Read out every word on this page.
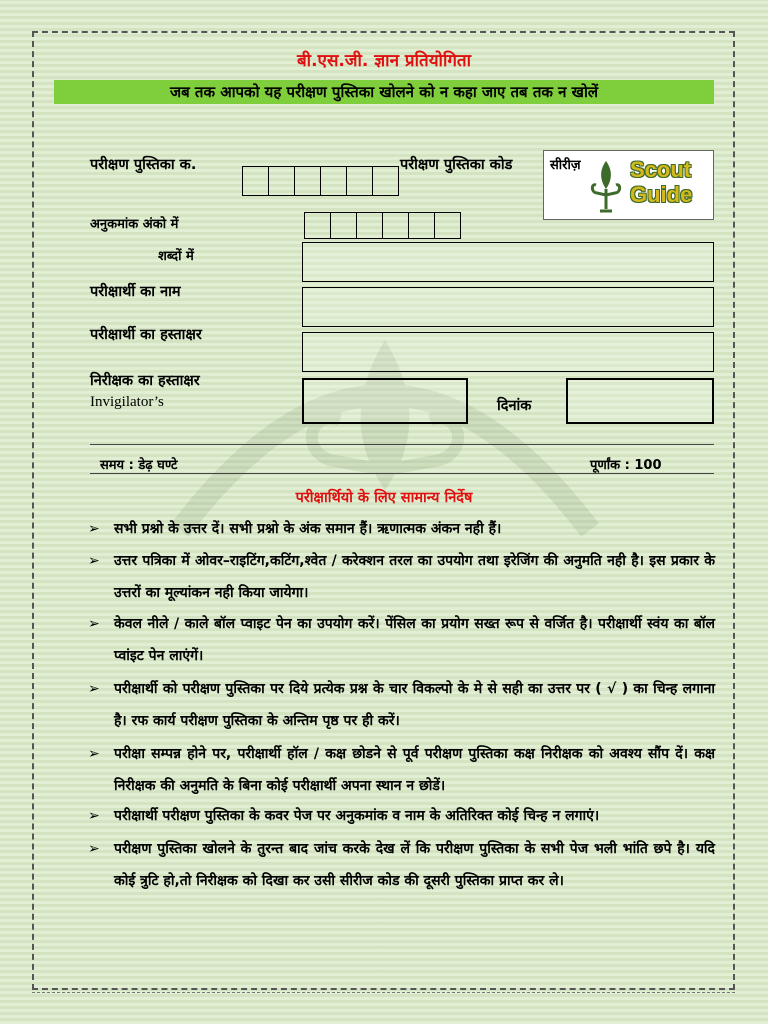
बी.एस.जी. ज्ञान प्रतियोगिता
जब तक आपको यह परीक्षण पुस्तिका खोलने को न कहा जाए तब तक न खोलें
परीक्षण पुस्तिका क.	परीक्षण पुस्तिका कोड	सीरीज़ Scout
Guide
अनुकमांक अंको में
शब्दों में
परीक्षार्थी का नाम
परीक्षार्थी का हस्ताक्षर
निरीक्षक का हस्ताक्षर
Invigilator’s	दिनांक
समय : डेढ़ घण्टे	पूर्णांक : 100
परीक्षार्थियो के लिए सामान्य निर्देष
➢	सभी प्रश्नो के उत्तर दें। सभी प्रश्नो के अंक समान हैं। ऋणात्मक अंकन नही हैं।
➢	उत्तर पत्रिका में ओवर–राइटिंग,कटिंग,श्वेत / करेक्शन तरल का उपयोग तथा इरेजिंग की अनुमति नही है। इस प्रकार के उत्तरों का मूल्यांकन नही किया जायेगा।
➢	केवल नीले / काले बॉल प्वाइट पेन का उपयोग करें। पेंसिल का प्रयोग सख्त रूप से वर्जित है। परीक्षार्थी स्वंय का बॉल प्वांइट पेन लाएंगें।
➢	परीक्षार्थी को परीक्षण पुस्तिका पर दिये प्रत्येक प्रश्न के चार विकल्पो के मे से सही का उत्तर पर ( √ ) का चिन्ह लगाना है। रफ कार्य परीक्षण पुस्तिका के अन्तिम पृष्ठ पर ही करें।
➢	परीक्षा सम्पन्न होने पर, परीक्षार्थी हॉल / कक्ष छोडने से पूर्व परीक्षण पुस्तिका कक्ष निरीक्षक को अवश्य सौंप दें। कक्ष निरीक्षक की अनुमति के बिना कोई परीक्षार्थी अपना स्थान न छोडें।
➢	परीक्षार्थी परीक्षण पुस्तिका के कवर पेज पर अनुकमांक व नाम के अतिरिक्त कोई चिन्ह न लगाएं।
➢	परीक्षण पुस्तिका खोलने के तुरन्त बाद जांच करके देख लें कि परीक्षण पुस्तिका के सभी पेज भली भांति छपे है। यदि कोई त्रुटि हो,तो निरीक्षक को दिखा कर उसी सीरीज कोड की दूसरी पुस्तिका प्राप्त कर ले।
